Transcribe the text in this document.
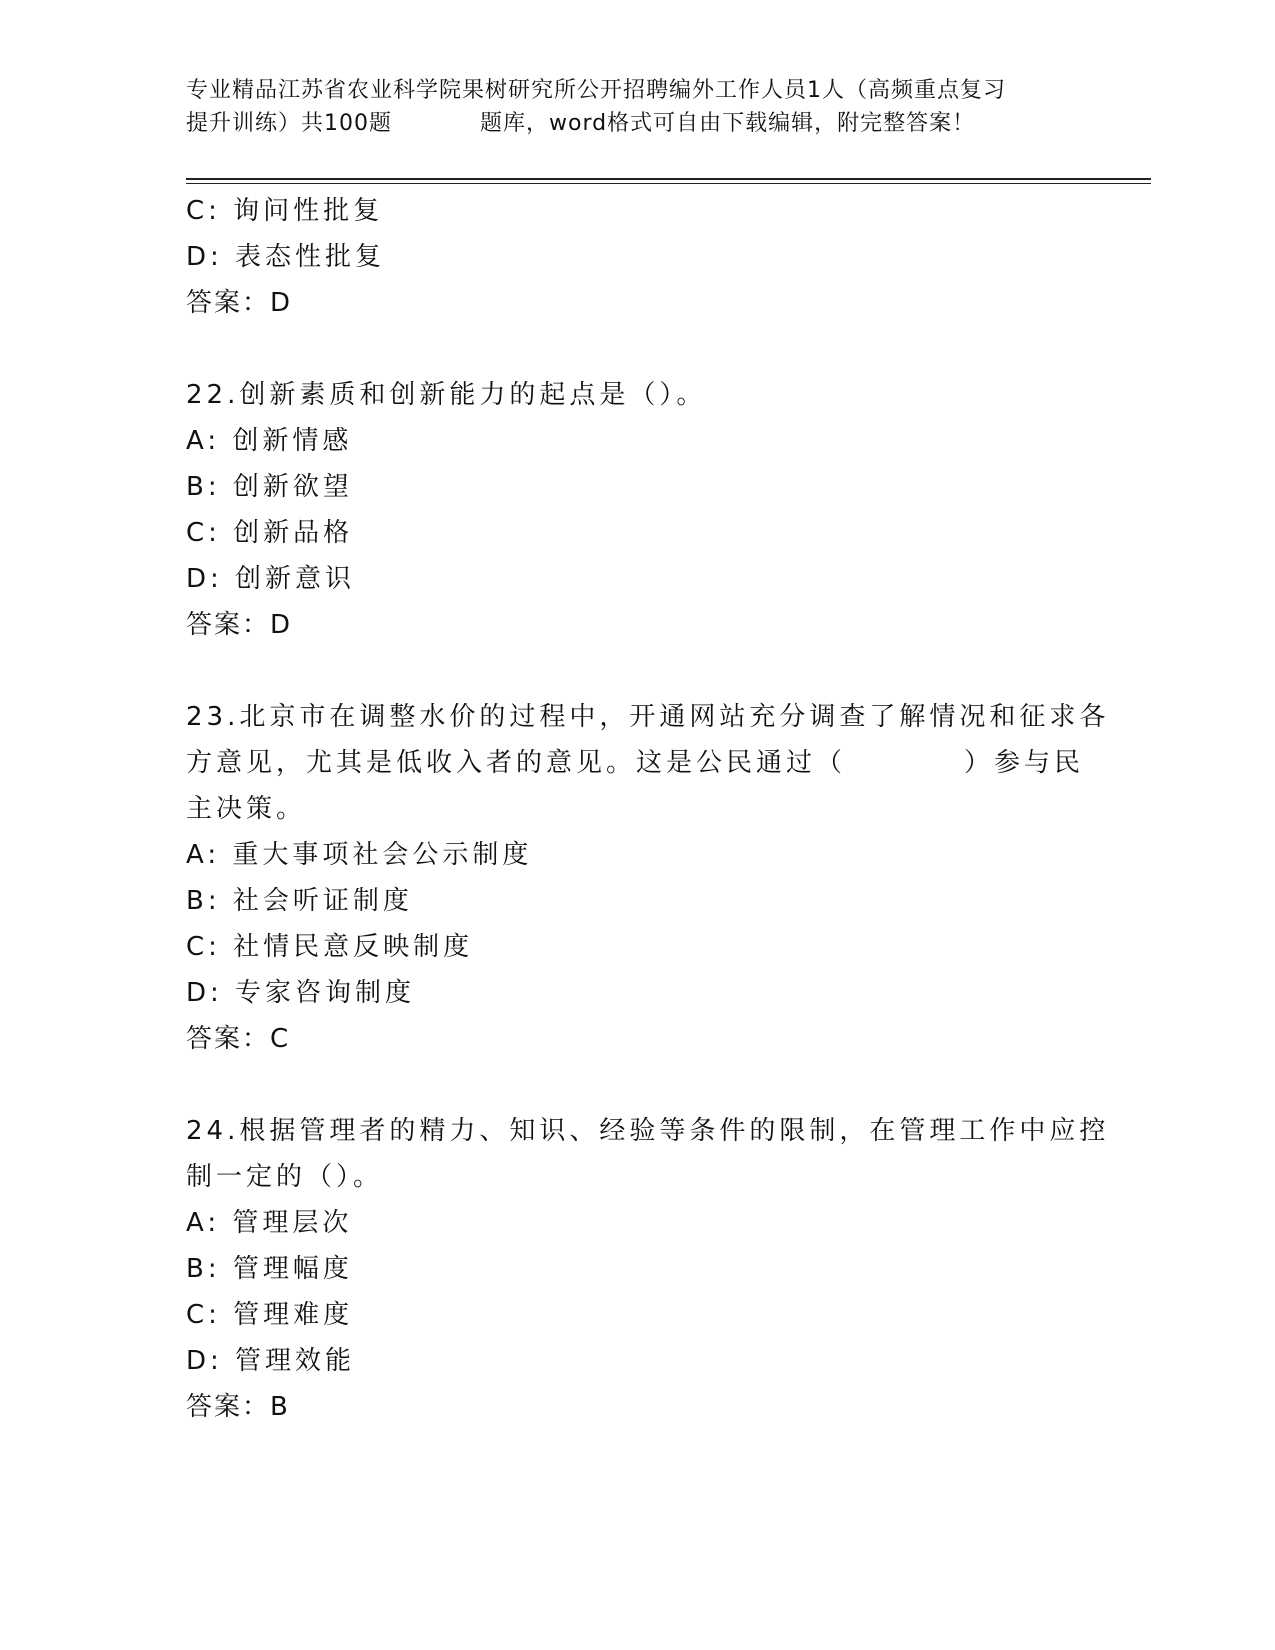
专业精品江苏省农业科学院果树研究所公开招聘编外工作人员1人（高频重点复习
提升训练）共100题	题库，word格式可自由下载编辑，附完整答案！
C: 询问性批复
D: 表态性批复
答案：D
22.创新素质和创新能力的起点是（）。
A: 创新情感
B: 创新欲望
C: 创新品格
D: 创新意识
答案：D
23.北京市在调整水价的过程中，开通网站充分调查了解情况和征求各
方意见，尤其是低收入者的意见。这是公民通过（	）参与民
主决策。
A: 重大事项社会公示制度
B: 社会听证制度
C: 社情民意反映制度
D: 专家咨询制度
答案：C
24.根据管理者的精力、知识、经验等条件的限制，在管理工作中应控
制一定的（）。
A: 管理层次
B: 管理幅度
C: 管理难度
D: 管理效能
答案：B
